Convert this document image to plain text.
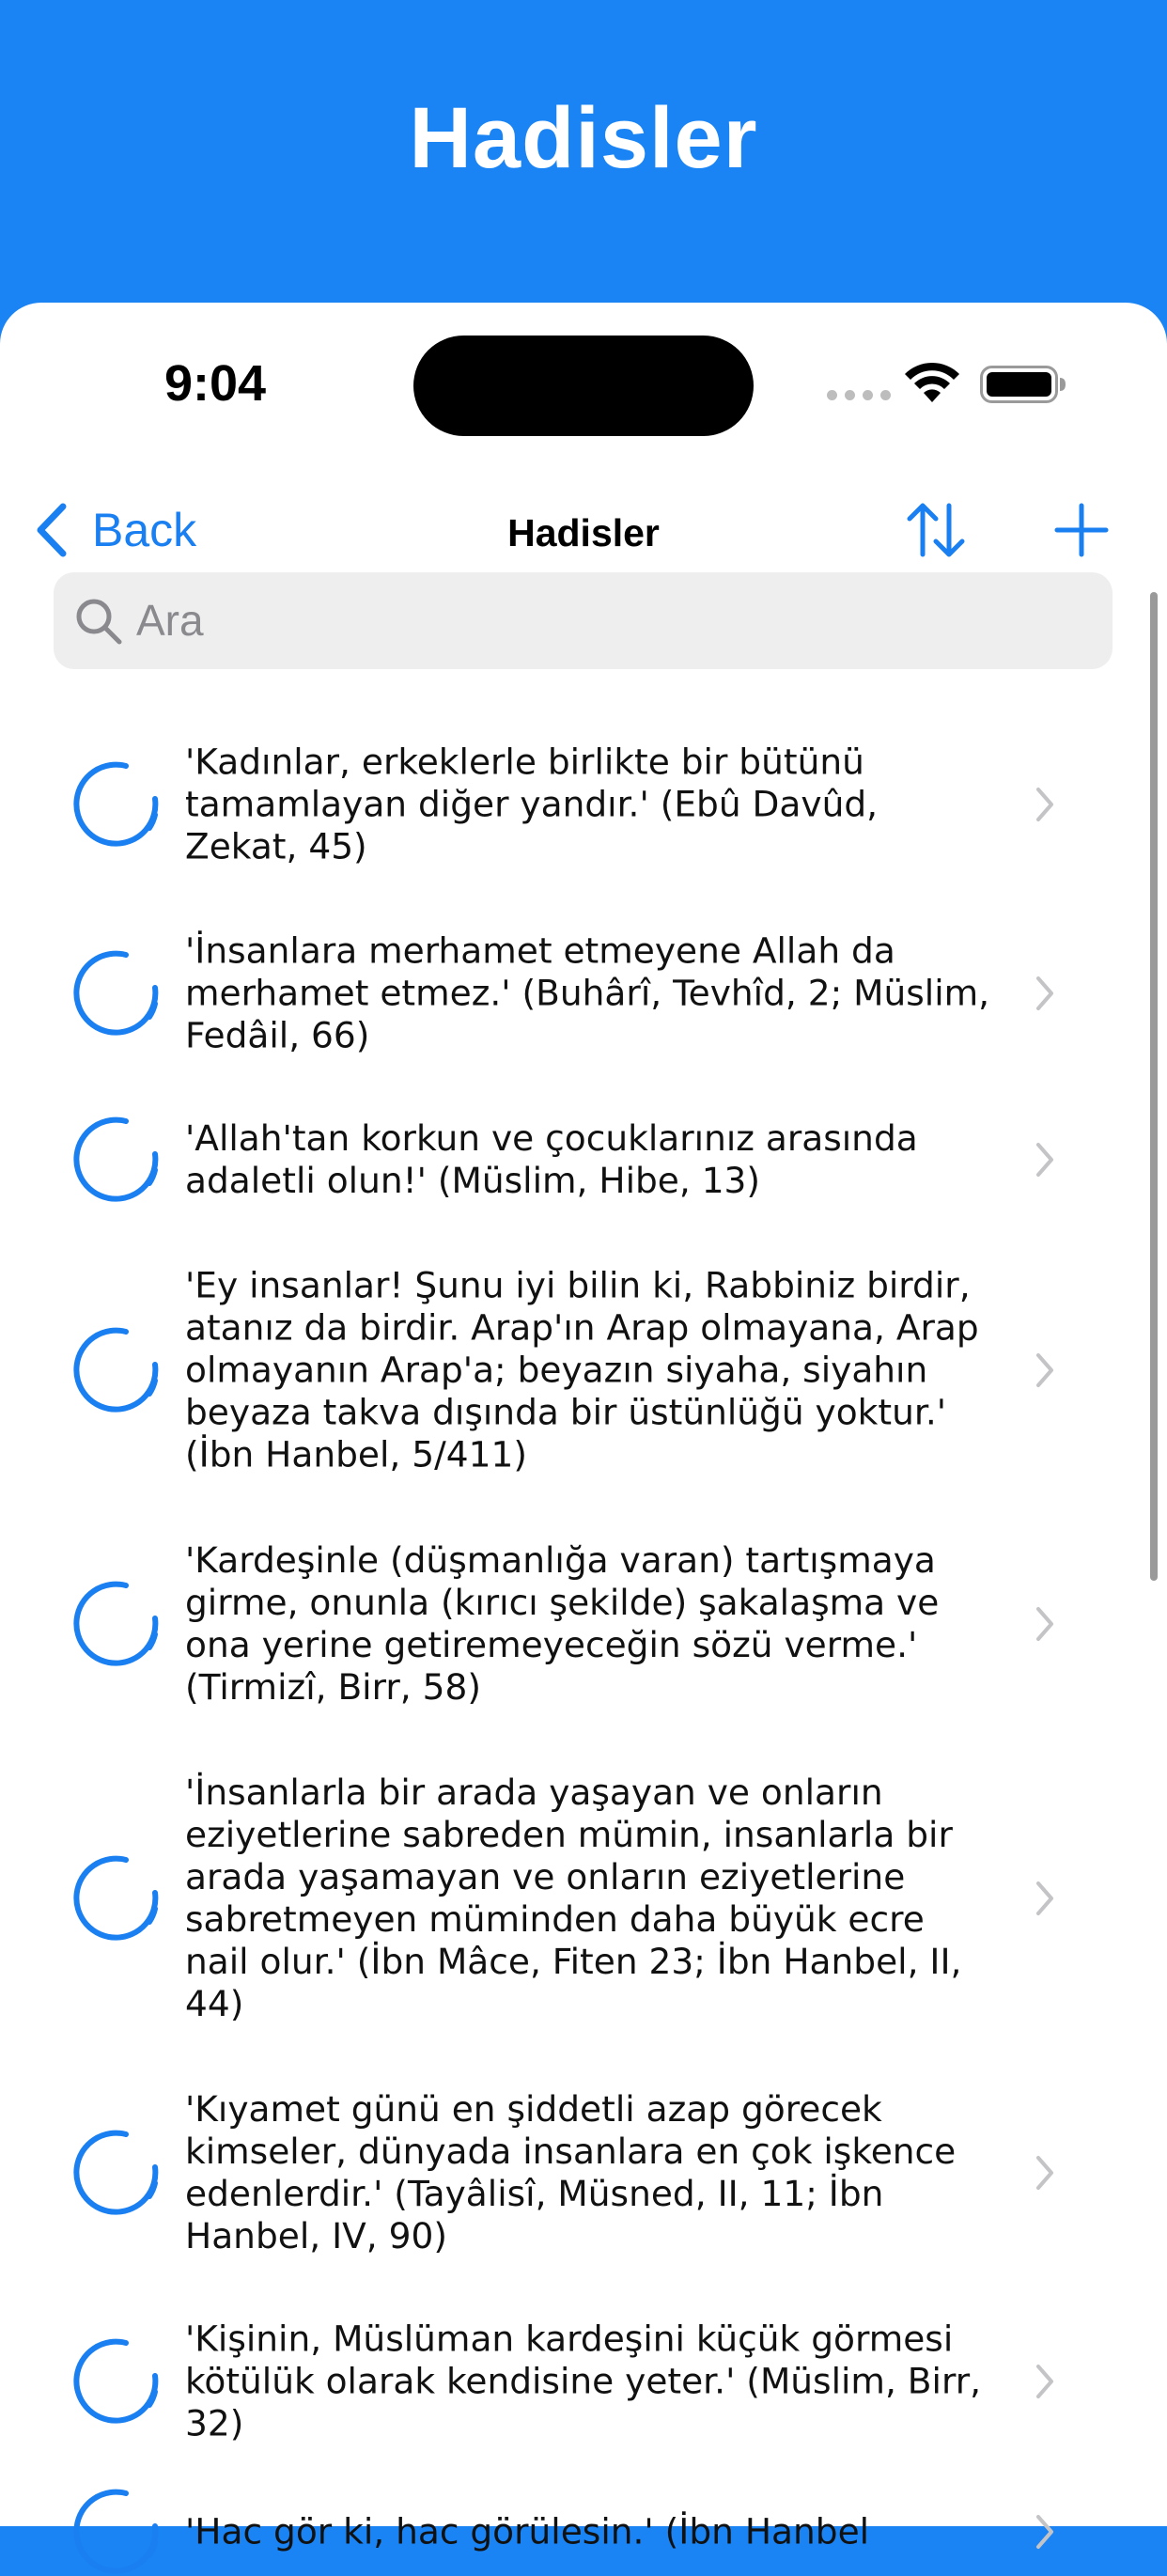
Hadisler
9:04
Back	Hadisler
Ara
'Kadınlar, erkeklerle birlikte bir bütünü tamamlayan diğer yandır.' (Ebû Davûd, Zekat, 45)
'İnsanlara merhamet etmeyene Allah da merhamet etmez.' (Buhârî, Tevhîd, 2; Müslim, Fedâil, 66)
'Allah'tan korkun ve çocuklarınız arasında adaletli olun!' (Müslim, Hibe, 13)
'Ey insanlar! Şunu iyi bilin ki, Rabbiniz birdir, atanız da birdir. Arap'ın Arap olmayana, Arap olmayanın Arap'a; beyazın siyaha, siyahın beyaza takva dışında bir üstünlüğü yoktur.' (İbn Hanbel, 5/411)
'Kardeşinle (düşmanlığa varan) tartışmaya girme, onunla (kırıcı şekilde) şakalaşma ve ona yerine getiremeyeceğin sözü verme.' (Tirmizî, Birr, 58)
'İnsanlarla bir arada yaşayan ve onların eziyetlerine sabreden mümin, insanlarla bir arada yaşamayan ve onların eziyetlerine sabretmeyen müminden daha büyük ecre nail olur.' (İbn Mâce, Fiten 23; İbn Hanbel, II, 44)
'Kıyamet günü en şiddetli azap görecek kimseler, dünyada insanlara en çok işkence edenlerdir.' (Tayâlisî, Müsned, II, 11; İbn Hanbel, IV, 90)
'Kişinin, Müslüman kardeşini küçük görmesi kötülük olarak kendisine yeter.' (Müslim, Birr, 32)
'Hac gör ki, hac görülesin.' (İbn Hanbel
